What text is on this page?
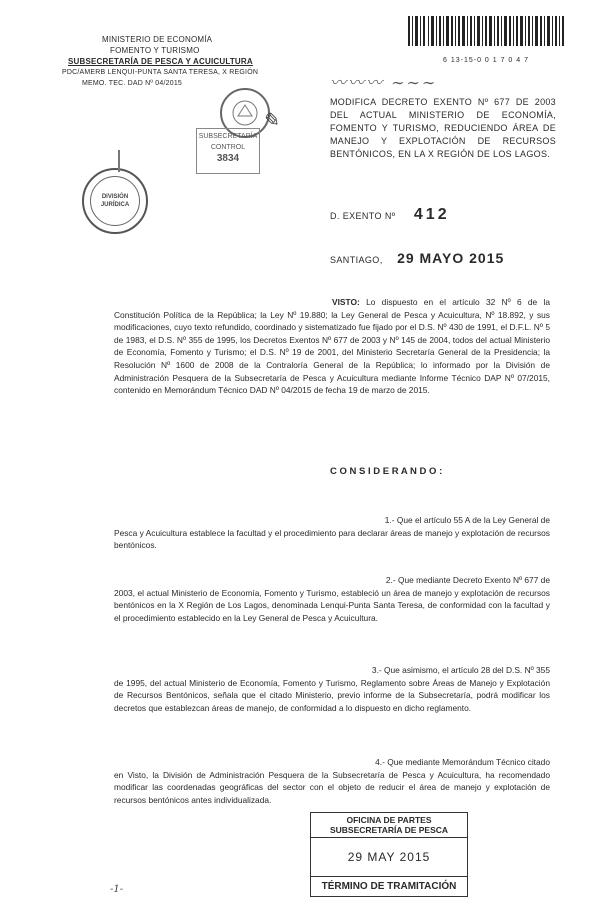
MINISTERIO DE ECONOMÍA
FOMENTO Y TURISMO
SUBSECRETARÍA DE PESCA Y ACUICULTURA
PDC/AMERB LENQUI-PUNTA SANTA TERESA, X REGIÓN
MEMO. TEC. DAD Nº 04/2015
✎
SUBSECRETARÍA
CONTROL
3834
DIVISIÓN JURÍDICA
6 13-15-0 0 1 7 0 4 7
〰〰〰 ∼∼∼
MODIFICA DECRETO EXENTO Nº 677 DE 2003 DEL ACTUAL MINISTERIO DE ECONOMÍA, FOMENTO Y TURISMO, REDUCIENDO ÁREA DE MANEJO Y EXPLOTACIÓN DE RECURSOS BENTÓNICOS, EN LA X REGIÓN DE LOS LAGOS.
D. EXENTO Nº 412
SANTIAGO, 29 MAYO 2015
VISTO: Lo dispuesto en el artículo 32 Nº 6 de la Constitución Política de la República; la Ley Nº 19.880; la Ley General de Pesca y Acuicultura, Nº 18.892, y sus modificaciones, cuyo texto refundido, coordinado y sistematizado fue fijado por el D.S. Nº 430 de 1991, el D.F.L. Nº 5 de 1983, el D.S. Nº 355 de 1995, los Decretos Exentos Nº 677 de 2003 y Nº 145 de 2004, todos del actual Ministerio de Economía, Fomento y Turismo; el D.S. Nº 19 de 2001, del Ministerio Secretaría General de la Presidencia; la Resolución Nº 1600 de 2008 de la Contraloría General de la República; lo informado por la División de Administración Pesquera de la Subsecretaría de Pesca y Acuicultura mediante Informe Técnico DAP Nº 07/2015, contenido en Memorándum Técnico DAD Nº 04/2015 de fecha 19 de marzo de 2015.
C O N S I D E R A N D O :
1.- Que el artículo 55 A de la Ley General de
Pesca y Acuicultura establece la facultad y el procedimiento para declarar áreas de manejo y explotación de recursos bentónicos.
2.- Que mediante Decreto Exento Nº 677 de
2003, el actual Ministerio de Economía, Fomento y Turismo, estableció un área de manejo y explotación de recursos bentónicos en la X Región de Los Lagos, denominada Lenqui-Punta Santa Teresa, de conformidad con la facultad y el procedimiento establecido en la Ley General de Pesca y Acuicultura.
3.- Que asimismo, el artículo 28 del D.S. Nº 355
de 1995, del actual Ministerio de Economía, Fomento y Turismo, Reglamento sobre Áreas de Manejo y Explotación de Recursos Bentónicos, señala que el citado Ministerio, previo informe de la Subsecretaría, podrá modificar los decretos que establezcan áreas de manejo, de conformidad a lo dispuesto en dicho reglamento.
4.- Que mediante Memorándum Técnico citado
en Visto, la División de Administración Pesquera de la Subsecretaría de Pesca y Acuicultura, ha recomendado modificar las coordenadas geográficas del sector con el objeto de reducir el área de manejo y explotación de recursos bentónicos antes individualizada.
OFICINA DE PARTES
SUBSECRETARÍA DE PESCA
29 MAY 2015
TÉRMINO DE TRAMITACIÓN
-1-
